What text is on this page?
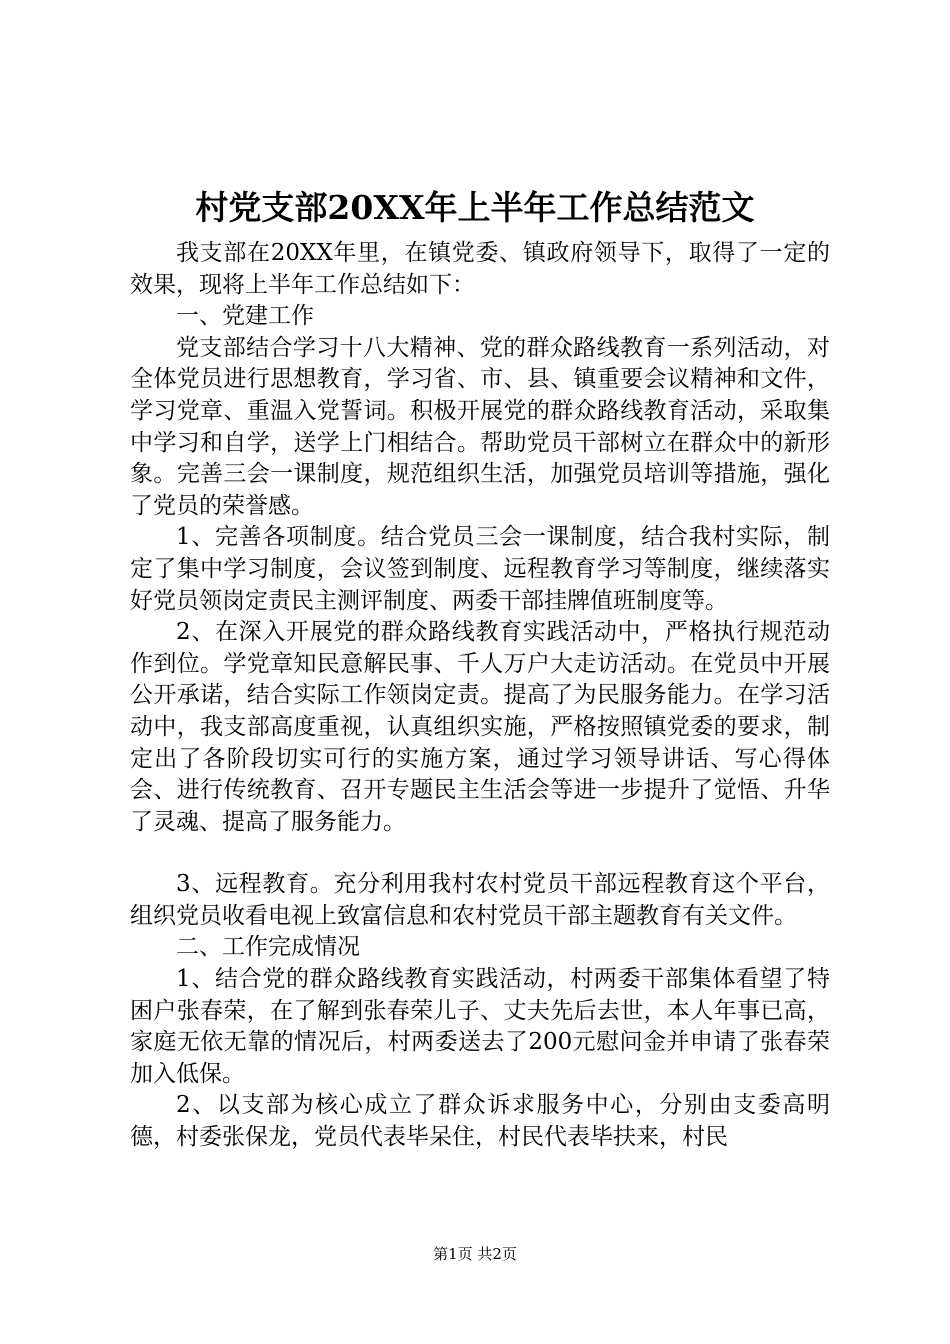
村党支部20XX年上半年工作总结范文

我支部在20XX年里，在镇党委、镇政府领导下，取得了一定的效果，现将上半年工作总结如下：

一、党建工作

党支部结合学习十八大精神、党的群众路线教育一系列活动，对全体党员进行思想教育，学习省、市、县、镇重要会议精神和文件，学习党章、重温入党誓词。积极开展党的群众路线教育活动，采取集中学习和自学，送学上门相结合。帮助党员干部树立在群众中的新形象。完善三会一课制度，规范组织生活，加强党员培训等措施，强化了党员的荣誉感。

1、完善各项制度。结合党员三会一课制度，结合我村实际，制定了集中学习制度，会议签到制度、远程教育学习等制度，继续落实好党员领岗定责民主测评制度、两委干部挂牌值班制度等。

2、在深入开展党的群众路线教育实践活动中，严格执行规范动作到位。学党章知民意解民事、千人万户大走访活动。在党员中开展公开承诺，结合实际工作领岗定责。提高了为民服务能力。在学习活动中，我支部高度重视，认真组织实施，严格按照镇党委的要求，制定出了各阶段切实可行的实施方案，通过学习领导讲话、写心得体会、进行传统教育、召开专题民主生活会等进一步提升了觉悟、升华了灵魂、提高了服务能力。

3、远程教育。充分利用我村农村党员干部远程教育这个平台，组织党员收看电视上致富信息和农村党员干部主题教育有关文件。

二、工作完成情况

1、结合党的群众路线教育实践活动，村两委干部集体看望了特困户张春荣，在了解到张春荣儿子、丈夫先后去世，本人年事已高，家庭无依无靠的情况后，村两委送去了200元慰问金并申请了张春荣加入低保。

2、以支部为核心成立了群众诉求服务中心，分别由支委高明德，村委张保龙，党员代表毕呆住，村民代表毕扶来，村民

第1页 共2页
